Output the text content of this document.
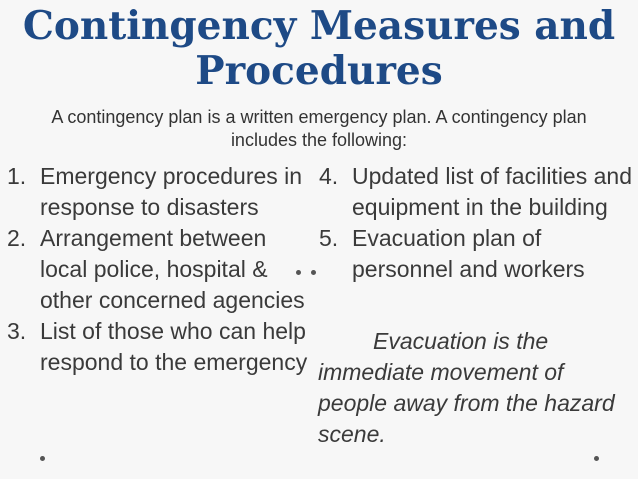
Contingency Measures and
Procedures

A contingency plan is a written emergency plan. A contingency plan includes the following:

1. Emergency procedures in response to disasters
2. Arrangement between local police, hospital & other concerned agencies
3. List of those who can help respond to the emergency
4. Updated list of facilities and equipment in the building
5. Evacuation plan of personnel and workers

Evacuation is the immediate movement of people away from the hazard scene.
